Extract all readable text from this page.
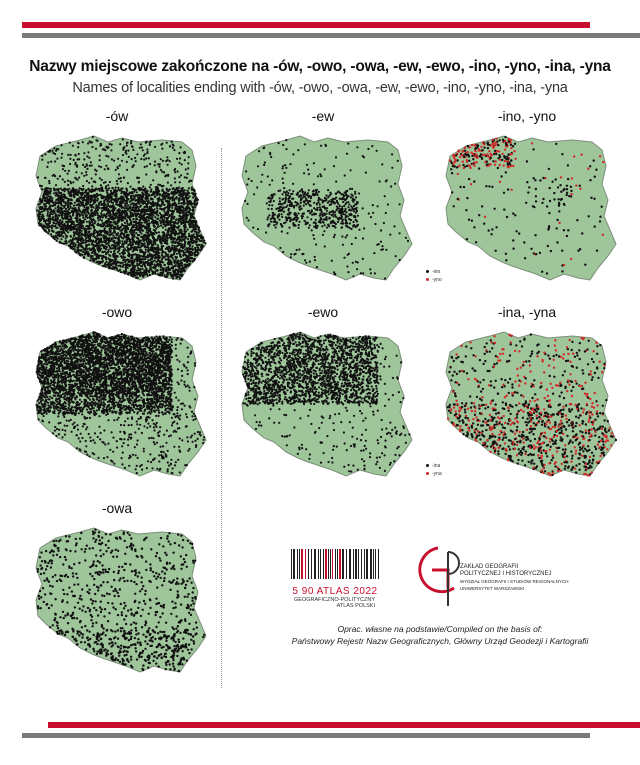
Nazwy miejscowe zakończone na -ów, -owo, -owa, -ew, -ewo, -ino, -yno, -ina, -yna
Names of localities ending with -ów, -owo, -owa, -ew, -ewo, -ino, -yno, -ina, -yna
-ów	-ew	-ino, -yno
-ino
-yno
-owo	-ewo	-ina, -yna
-ina
-yna
-owa
5 90 ATLAS 2022
GEOGRAFICZNO-POLITYCZNY
ATLAS POLSKI
ZAKŁAD GEOGRAFII
POLITYCZNEJ I HISTORYCZNEJ
WYDZIAŁ GEOGRAFII I STUDIÓW REGIONALNYCH
UNIWERSYTET WARSZAWSKI
Oprac. własne na podstawie/Compiled on the basis of:
Państwowy Rejestr Nazw Geograficznych, Główny Urząd Geodezji i Kartografii
